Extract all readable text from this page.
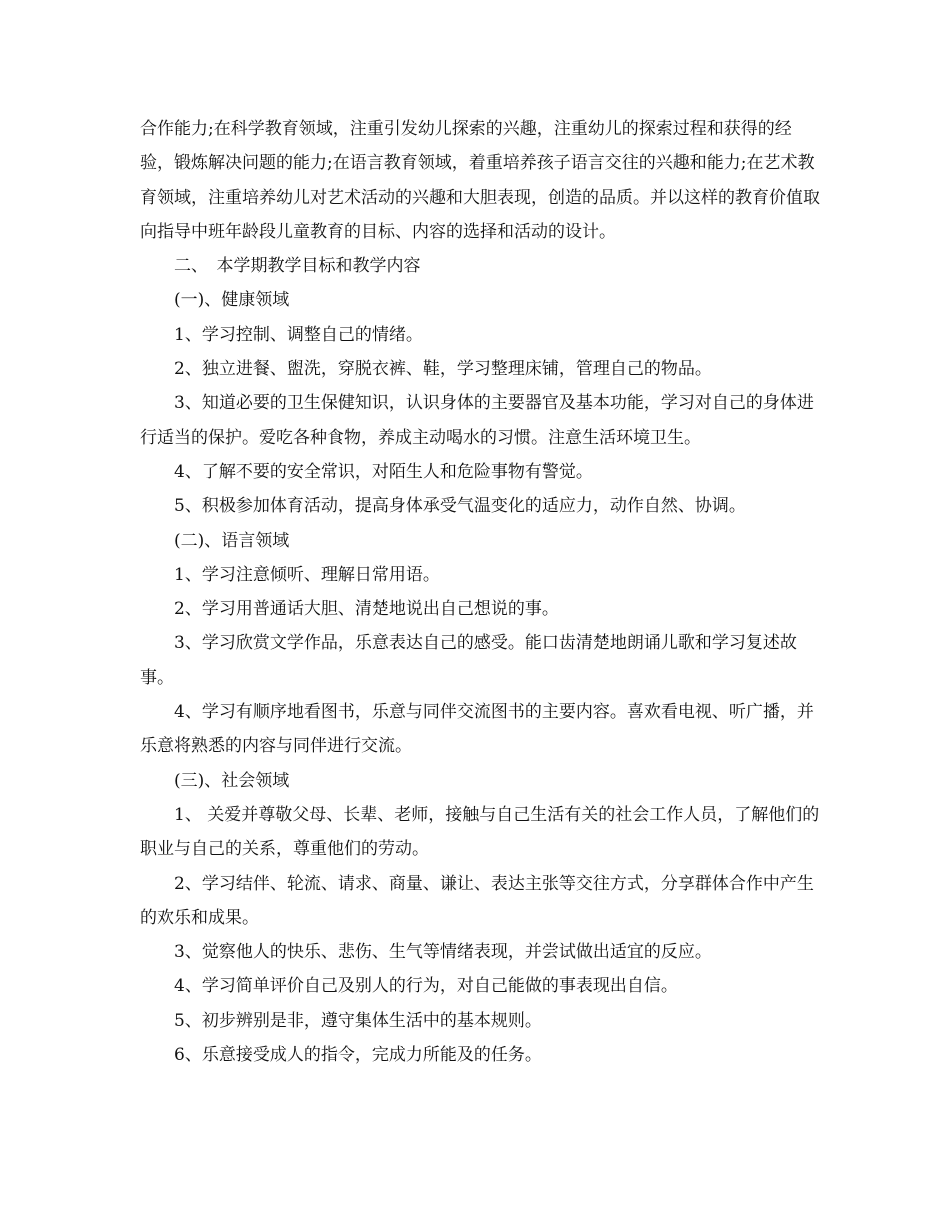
合作能力;在科学教育领域，注重引发幼儿探索的兴趣，注重幼儿的探索过程和获得的经验，锻炼解决问题的能力;在语言教育领域，着重培养孩子语言交往的兴趣和能力;在艺术教育领域，注重培养幼儿对艺术活动的兴趣和大胆表现，创造的品质。并以这样的教育价值取向指导中班年龄段儿童教育的目标、内容的选择和活动的设计。

二、　本学期教学目标和教学内容

(一)、健康领域

1、学习控制、调整自己的情绪。

2、独立进餐、盥洗，穿脱衣裤、鞋，学习整理床铺，管理自己的物品。

3、知道必要的卫生保健知识，认识身体的主要器官及基本功能，学习对自己的身体进行适当的保护。爱吃各种食物，养成主动喝水的习惯。注意生活环境卫生。

4、了解不要的安全常识，对陌生人和危险事物有警觉。

5、积极参加体育活动，提高身体承受气温变化的适应力，动作自然、协调。

(二)、语言领域

1、学习注意倾听、理解日常用语。

2、学习用普通话大胆、清楚地说出自己想说的事。

3、学习欣赏文学作品，乐意表达自己的感受。能口齿清楚地朗诵儿歌和学习复述故事。

4、学习有顺序地看图书，乐意与同伴交流图书的主要内容。喜欢看电视、听广播，并乐意将熟悉的内容与同伴进行交流。

(三)、社会领域

1、 关爱并尊敬父母、长辈、老师，接触与自己生活有关的社会工作人员，了解他们的职业与自己的关系，尊重他们的劳动。

2、学习结伴、轮流、请求、商量、谦让、表达主张等交往方式，分享群体合作中产生的欢乐和成果。

3、觉察他人的快乐、悲伤、生气等情绪表现，并尝试做出适宜的反应。

4、学习简单评价自己及别人的行为，对自己能做的事表现出自信。

5、初步辨别是非，遵守集体生活中的基本规则。

6、乐意接受成人的指令，完成力所能及的任务。
